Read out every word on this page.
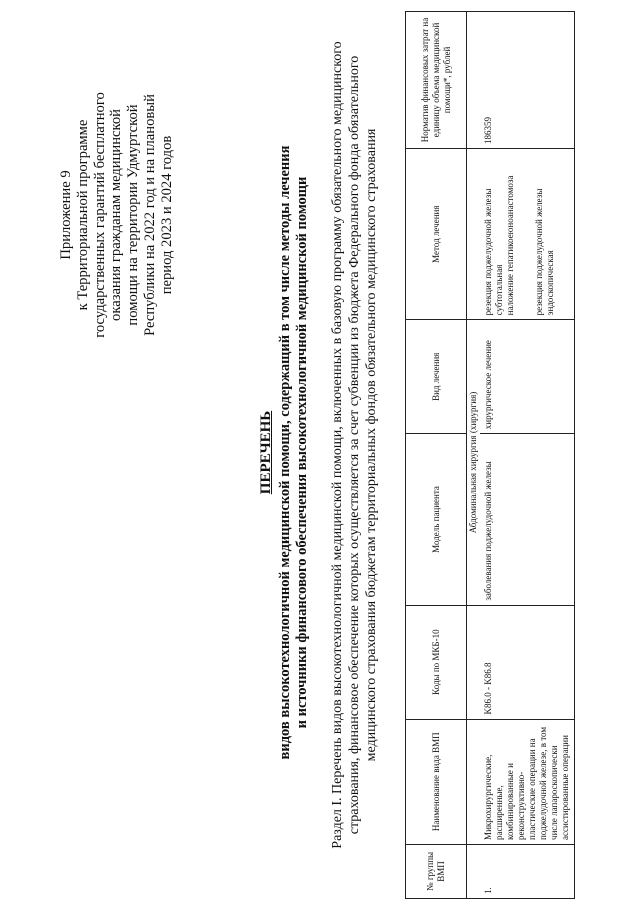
Приложение 9 к Территориальной программе государственных гарантий бесплатного оказания гражданам медицинской помощи на территории Удмуртской Республики на 2022 год и на плановый период 2023 и 2024 годов
ПЕРЕЧЕНЬ видов высокотехнологичной медицинской помощи, содержащий в том числе методы лечения и источники финансового обеспечения высокотехнологичной медицинской помощи Раздел I. Перечень видов высокотехнологичной медицинской помощи, включенных в базовую программу обязательного медицинского страхования, финансовое обеспечение которых осуществляется за счет субвенции из бюджета Федерального фонда обязательного медицинского страхования бюджетам территориальных фондов обязательного медицинского страхования
№ группы ВМП	Наименование вида ВМП	Коды по МКБ-10	Модель пациента	Вид лечения	Метод лечения	Норматив финансовых затрат на единицу объема медицинской помощи*, рублей
			Абдоминальная хирургия (хирургия)			
1.	Микрохирургические, расширенные, комбинированные и реконструктивно-пластические операции на поджелудочной железе, в том числе лапароскопически ассистированные операции	K86.0 - K86.8	заболевания поджелудочной железы	хирургическое лечение	резекция поджелудочной железы субтотальная наложение гепатикоеюноанастомоза резекция поджелудочной железы эндоскопическая	186359
